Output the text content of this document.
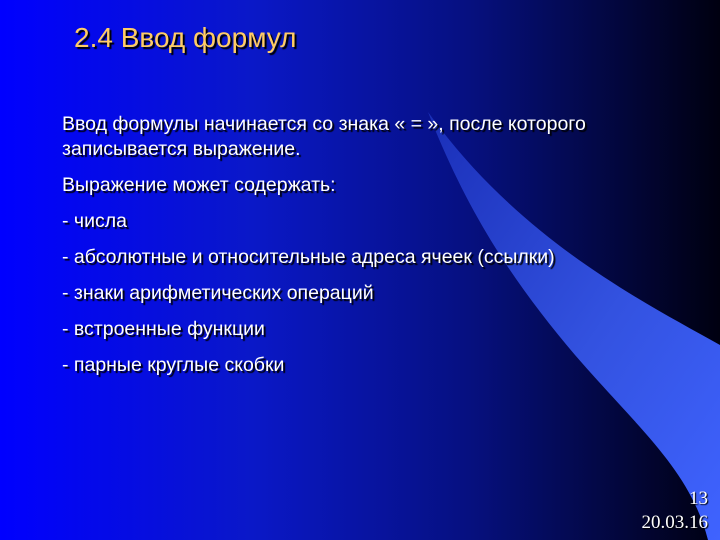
2.4 Ввод формул

Ввод формулы начинается со знака « = », после которого записывается выражение.

Выражение может содержать:

- числа

- абсолютные и относительные адреса ячеек (ссылки)

- знаки арифметических операций

- встроенные функции

- парные круглые скобки

13
20.03.16
